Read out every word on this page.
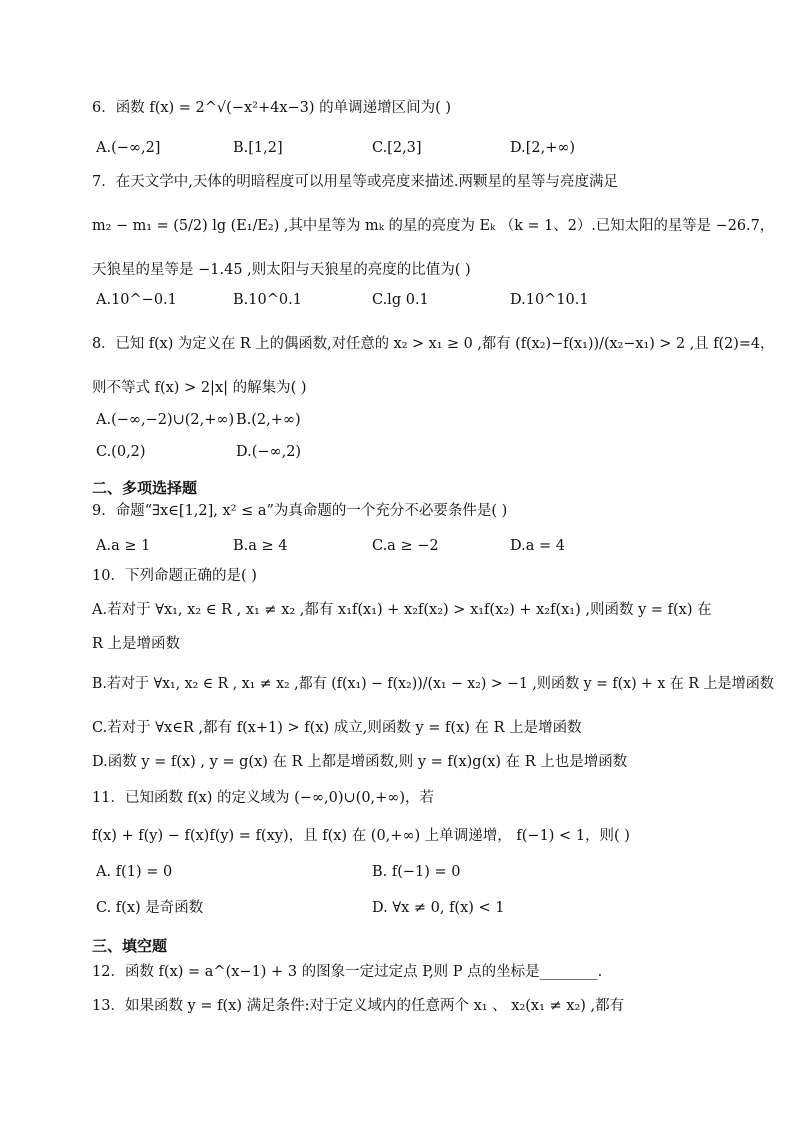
6．函数 f(x) = 2^√(−x²+4x−3) 的单调递增区间为( )
A.(−∞,2]	B.[1,2]	C.[2,3]	D.[2,+∞)
7．在天文学中,天体的明暗程度可以用星等或亮度来描述.两颗星的星等与亮度满足
m₂ − m₁ = (5/2) lg (E₁/E₂) ,其中星等为 mₖ 的星的亮度为 Eₖ （k = 1、2）.已知太阳的星等是 −26.7，
天狼星的星等是 −1.45 ,则太阳与天狼星的亮度的比值为( )
A.10^−0.1	B.10^0.1	C.lg 0.1	D.10^10.1
8．已知 f(x) 为定义在 R 上的偶函数,对任意的 x₂ > x₁ ≥ 0 ,都有 (f(x₂)−f(x₁))/(x₂−x₁) > 2 ,且 f(2)=4，
则不等式 f(x) > 2|x| 的解集为( )
A.(−∞,−2)∪(2,+∞) B.(2,+∞)
C.(0,2)	D.(−∞,2)
二、多项选择题
9．命题“∃x∈[1,2], x² ≤ a”为真命题的一个充分不必要条件是( )
A.a ≥ 1	B.a ≥ 4	C.a ≥ −2	D.a = 4
10．下列命题正确的是( )
A.若对于 ∀x₁, x₂ ∈ R , x₁ ≠ x₂ ,都有 x₁f(x₁) + x₂f(x₂) > x₁f(x₂) + x₂f(x₁) ,则函数 y = f(x) 在
R 上是增函数
B.若对于 ∀x₁, x₂ ∈ R , x₁ ≠ x₂ ,都有 (f(x₁) − f(x₂))/(x₁ − x₂) > −1 ,则函数 y = f(x) + x 在 R 上是增函数
C.若对于 ∀x∈R ,都有 f(x+1) > f(x) 成立,则函数 y = f(x) 在 R 上是增函数
D.函数 y = f(x) , y = g(x) 在 R 上都是增函数,则 y = f(x)g(x) 在 R 上也是增函数
11．已知函数 f(x) 的定义域为 (−∞,0)∪(0,+∞)，若
f(x) + f(y) − f(x)f(y) = f(xy)，且 f(x) 在 (0,+∞) 上单调递增， f(−1) < 1，则( )
A. f(1) = 0	B. f(−1) = 0
C. f(x) 是奇函数	D. ∀x ≠ 0, f(x) < 1
三、填空题
12．函数 f(x) = a^(x−1) + 3 的图象一定过定点 P,则 P 点的坐标是________.
13．如果函数 y = f(x) 满足条件:对于定义域内的任意两个 x₁ 、 x₂(x₁ ≠ x₂) ,都有
